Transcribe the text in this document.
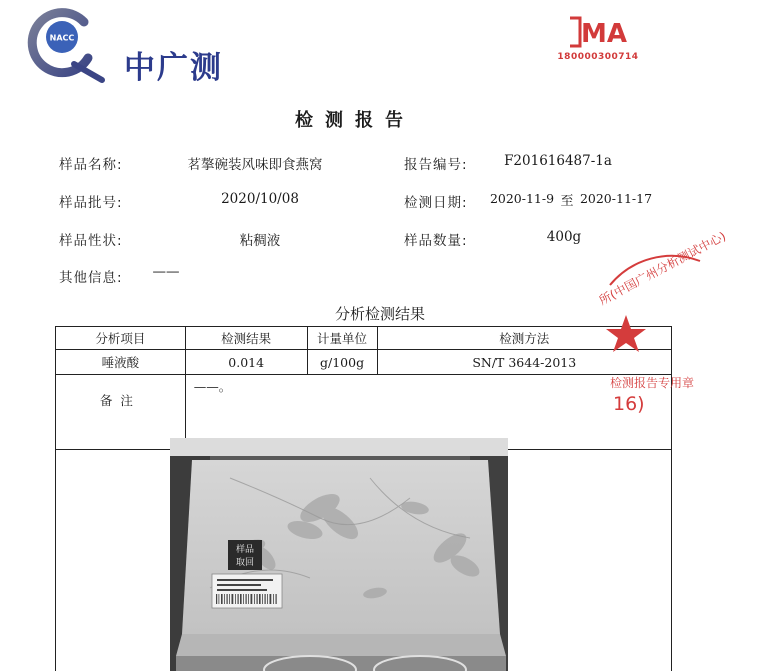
NACC
中广测
MA
180000300714
检测报告
样品名称:	茗摮碗装风味即食燕窝	报告编号:	F201616487-1a
样品批号:	2020/10/08	检测日期: 2020-11-9 至 2020-11-17
样品性状:	粘稠液	样品数量:	400g
其他信息:	——
分析检测结果
分析项目	检测结果	计量单位	检测方法
唾液酸	0.014	g/100g	SN/T 3644-2013
备注	——。		
样品
取回
所(中国广州分析测试中心)
检测报告专用章
16)
